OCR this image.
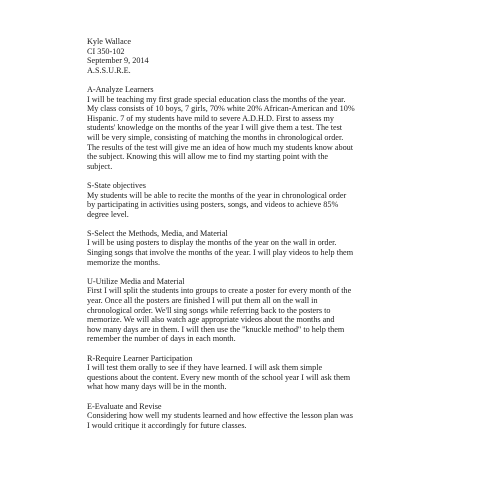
Kyle Wallace
CI 350-102
September 9, 2014
A.S.S.U.R.E.
A-Analyze Learners
I will be teaching my first grade special education class the months of the year.
My class consists of 10 boys, 7 girls, 70% white 20% African-American and 10%
Hispanic. 7 of my students have mild to severe A.D.H.D. First to assess my
students' knowledge on the months of the year I will give them a test. The test
will be very simple, consisting of matching the months in chronological order.
The results of the test will give me an idea of how much my students know about
the subject. Knowing this will allow me to find my starting point with the
subject.
S-State objectives
My students will be able to recite the months of the year in chronological order
by participating in activities using posters, songs, and videos to achieve 85%
degree level.
S-Select the Methods, Media, and Material
I will be using posters to display the months of the year on the wall in order.
Singing songs that involve the months of the year. I will play videos to help them
memorize the months.
U-Utilize Media and Material
First I will split the students into groups to create a poster for every month of the
year. Once all the posters are finished I will put them all on the wall in
chronological order. We'll sing songs while referring back to the posters to
memorize. We will also watch age appropriate videos about the months and
how many days are in them. I will then use the "knuckle method" to help them
remember the number of days in each month.
R-Require Learner Participation
I will test them orally to see if they have learned. I will ask them simple
questions about the content. Every new month of the school year I will ask them
what how many days will be in the month.
E-Evaluate and Revise
Considering how well my students learned and how effective the lesson plan was
I would critique it accordingly for future classes.
